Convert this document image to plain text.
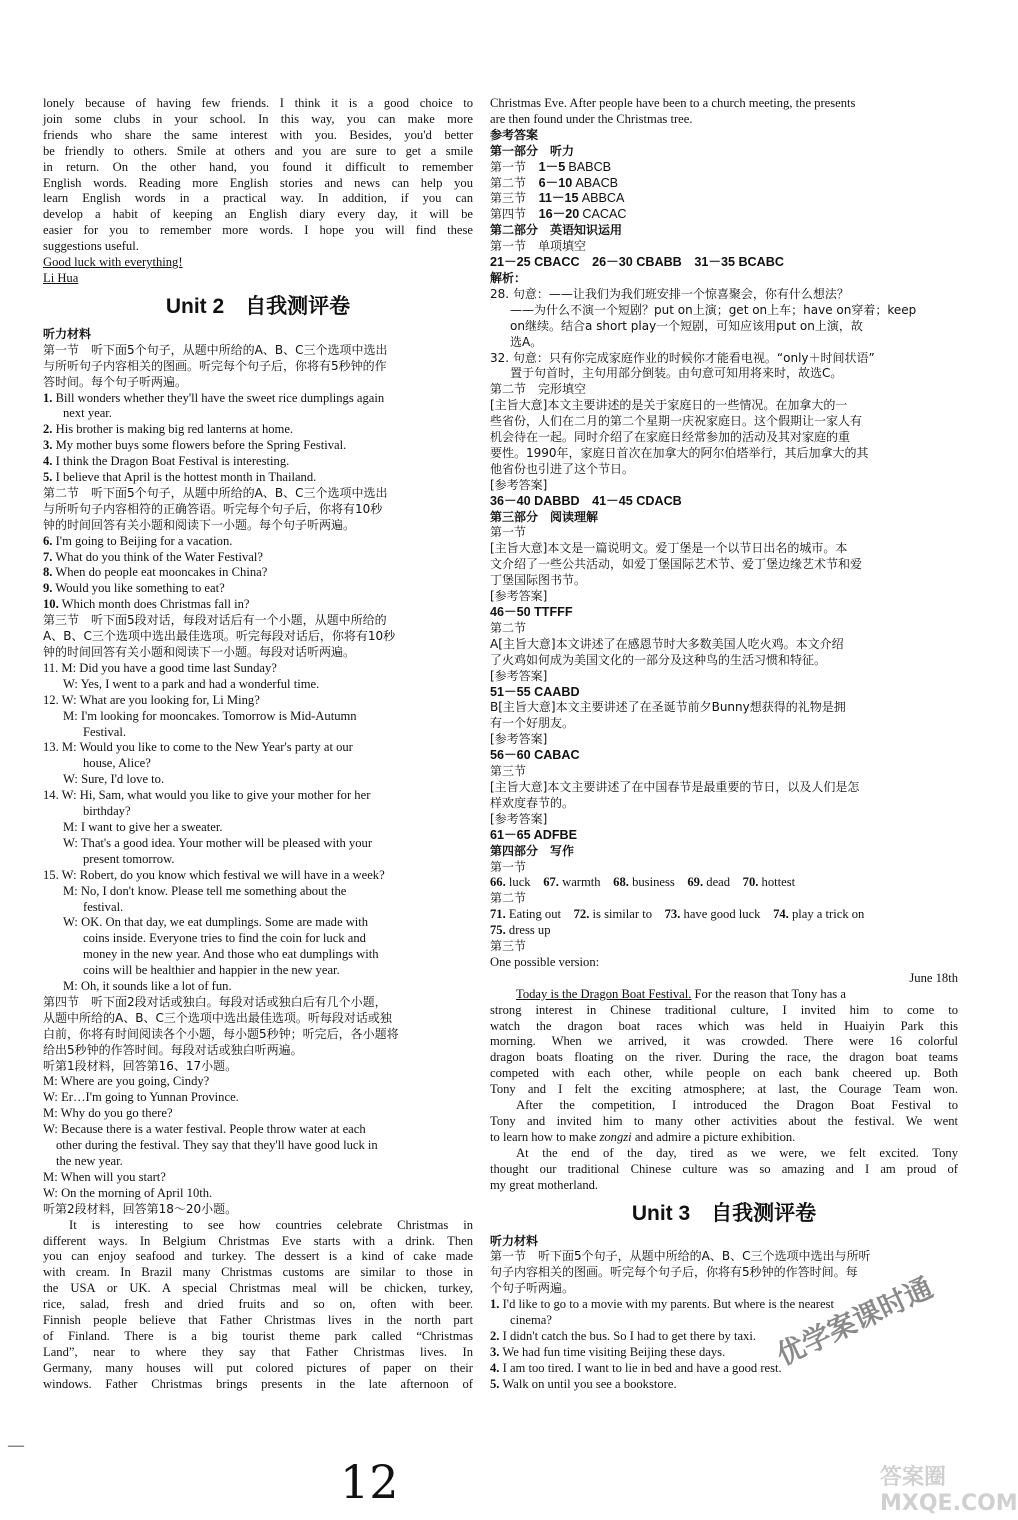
lonely because of having few friends. I think it is a good choice to
join some clubs in your school. In this way, you can make more
friends who share the same interest with you. Besides, you'd better
be friendly to others. Smile at others and you are sure to get a smile
in return. On the other hand, you found it difficult to remember
English words. Reading more English stories and news can help you
learn English words in a practical way. In addition, if you can
develop a habit of keeping an English diary every day, it will be
easier for you to remember more words. I hope you will find these
suggestions useful.
Good luck with everything!
Li Hua
Unit 2　自我测评卷
听力材料
第一节　听下面5个句子，从题中所给的A、B、C三个选项中选出
与所听句子内容相关的图画。听完每个句子后，你将有5秒钟的作
答时间。每个句子听两遍。
1. Bill wonders whether they'll have the sweet rice dumplings again
next year.
2. His brother is making big red lanterns at home.
3. My mother buys some flowers before the Spring Festival.
4. I think the Dragon Boat Festival is interesting.
5. I believe that April is the hottest month in Thailand.
第二节　听下面5个句子，从题中所给的A、B、C三个选项中选出
与所听句子内容相符的正确答语。听完每个句子后，你将有10秒
钟的时间回答有关小题和阅读下一小题。每个句子听两遍。
6. I'm going to Beijing for a vacation.
7. What do you think of the Water Festival?
8. When do people eat mooncakes in China?
9. Would you like something to eat?
10. Which month does Christmas fall in?
第三节　听下面5段对话，每段对话后有一个小题，从题中所给的
A、B、C三个选项中选出最佳选项。听完每段对话后，你将有10秒
钟的时间回答有关小题和阅读下一小题。每段对话听两遍。
11. M: Did you have a good time last Sunday?
W: Yes, I went to a park and had a wonderful time.
12. W: What are you looking for, Li Ming?
M: I'm looking for mooncakes. Tomorrow is Mid-Autumn
Festival.
13. M: Would you like to come to the New Year's party at our
house, Alice?
W: Sure, I'd love to.
14. W: Hi, Sam, what would you like to give your mother for her
birthday?
M: I want to give her a sweater.
W: That's a good idea. Your mother will be pleased with your
present tomorrow.
15. W: Robert, do you know which festival we will have in a week?
M: No, I don't know. Please tell me something about the
festival.
W: OK. On that day, we eat dumplings. Some are made with
coins inside. Everyone tries to find the coin for luck and
money in the new year. And those who eat dumplings with
coins will be healthier and happier in the new year.
M: Oh, it sounds like a lot of fun.
第四节　听下面2段对话或独白。每段对话或独白后有几个小题，
从题中所给的A、B、C三个选项中选出最佳选项。听每段对话或独
白前，你将有时间阅读各个小题，每小题5秒钟；听完后，各小题将
给出5秒钟的作答时间。每段对话或独白听两遍。
听第1段材料，回答第16、17小题。
M: Where are you going, Cindy?
W: Er…I'm going to Yunnan Province.
M: Why do you go there?
W: Because there is a water festival. People throw water at each
other during the festival. They say that they'll have good luck in
the new year.
M: When will you start?
W: On the morning of April 10th.
听第2段材料，回答第18～20小题。
It is interesting to see how countries celebrate Christmas in
different ways. In Belgium Christmas Eve starts with a drink. Then
you can enjoy seafood and turkey. The dessert is a kind of cake made
with cream. In Brazil many Christmas customs are similar to those in
the USA or UK. A special Christmas meal will be chicken, turkey,
rice, salad, fresh and dried fruits and so on, often with beer.
Finnish people believe that Father Christmas lives in the north part
of Finland. There is a big tourist theme park called “Christmas
Land”, near to where they say that Father Christmas lives. In
Germany, many houses will put colored pictures of paper on their
windows. Father Christmas brings presents in the late afternoon of
Christmas Eve. After people have been to a church meeting, the presents
are then found under the Christmas tree.
参考答案
第一部分　听力
第一节　 1－5 BABCB
第二节　 6－10 ABACB
第三节　 11－15 ABBCA
第四节　 16－20 CACAC
第二部分　英语知识运用
第一节　单项填空
21－25 CBACC　26－30 CBABB　31－35 BCABC
解析：
28. 句意：——让我们为我们班安排一个惊喜聚会，你有什么想法？
——为什么不演一个短剧？put on上演；get on上车；have on穿着；keep
on继续。结合a short play一个短剧，可知应该用put on上演，故
选A。
32. 句意：只有你完成家庭作业的时候你才能看电视。“only＋时间状语”
置于句首时，主句用部分倒装。由句意可知用将来时，故选C。
第二节　完形填空
[主旨大意]本文主要讲述的是关于家庭日的一些情况。在加拿大的一
些省份，人们在二月的第二个星期一庆祝家庭日。这个假期让一家人有
机会待在一起。同时介绍了在家庭日经常参加的活动及其对家庭的重
要性。1990年，家庭日首次在加拿大的阿尔伯塔举行，其后加拿大的其
他省份也引进了这个节日。
[参考答案]
36－40 DABBD　41－45 CDACB
第三部分　阅读理解
第一节
[主旨大意]本文是一篇说明文。爱丁堡是一个以节日出名的城市。本
文介绍了一些公共活动，如爱丁堡国际艺术节、爱丁堡边缘艺术节和爱
丁堡国际图书节。
[参考答案]
46－50 TTFFF
第二节
A[主旨大意]本文讲述了在感恩节时大多数美国人吃火鸡。本文介绍
了火鸡如何成为美国文化的一部分及这种鸟的生活习惯和特征。
[参考答案]
51－55 CAABD
B[主旨大意]本文主要讲述了在圣诞节前夕Bunny想获得的礼物是拥
有一个好朋友。
[参考答案]
56－60 CABAC
第三节
[主旨大意]本文主要讲述了在中国春节是最重要的节日，以及人们是怎
样欢度春节的。
[参考答案]
61－65 ADFBE
第四部分　写作
第一节
66. luck　 67. warmth　 68. business　 69. dead　 70. hottest　
第二节
71. Eating out　 72. is similar to　 73. have good luck　 74. play a trick on　
75. dress up
第三节
One possible version:
June 18th
Today is the Dragon Boat Festival. For the reason that Tony has a
strong interest in Chinese traditional culture, I invited him to come to
watch the dragon boat races which was held in Huaiyin Park this
morning. When we arrived, it was crowded. There were 16 colorful
dragon boats floating on the river. During the race, the dragon boat teams
competed with each other, while people on each bank cheered up. Both
Tony and I felt the exciting atmosphere; at last, the Courage Team won.
After the competition, I introduced the Dragon Boat Festival to
Tony and invited him to many other activities about the festival. We went
to learn how to make zongzi and admire a picture exhibition.
At the end of the day, tired as we were, we felt excited. Tony
thought our traditional Chinese culture was so amazing and I am proud of
my great motherland.
Unit 3　自我测评卷
听力材料
第一节　听下面5个句子，从题中所给的A、B、C三个选项中选出与所听
句子内容相关的图画。听完每个句子后，你将有5秒钟的作答时间。每
个句子听两遍。
1. I'd like to go to a movie with my parents. But where is the nearest
cinema?
2. I didn't catch the bus. So I had to get there by taxi.
3. We had fun time visiting Beijing these days.
4. I am too tired. I want to lie in bed and have a good rest.
5. Walk on until you see a bookstore.
—
12
优学案课时通
答案圈 MXQE.COM
